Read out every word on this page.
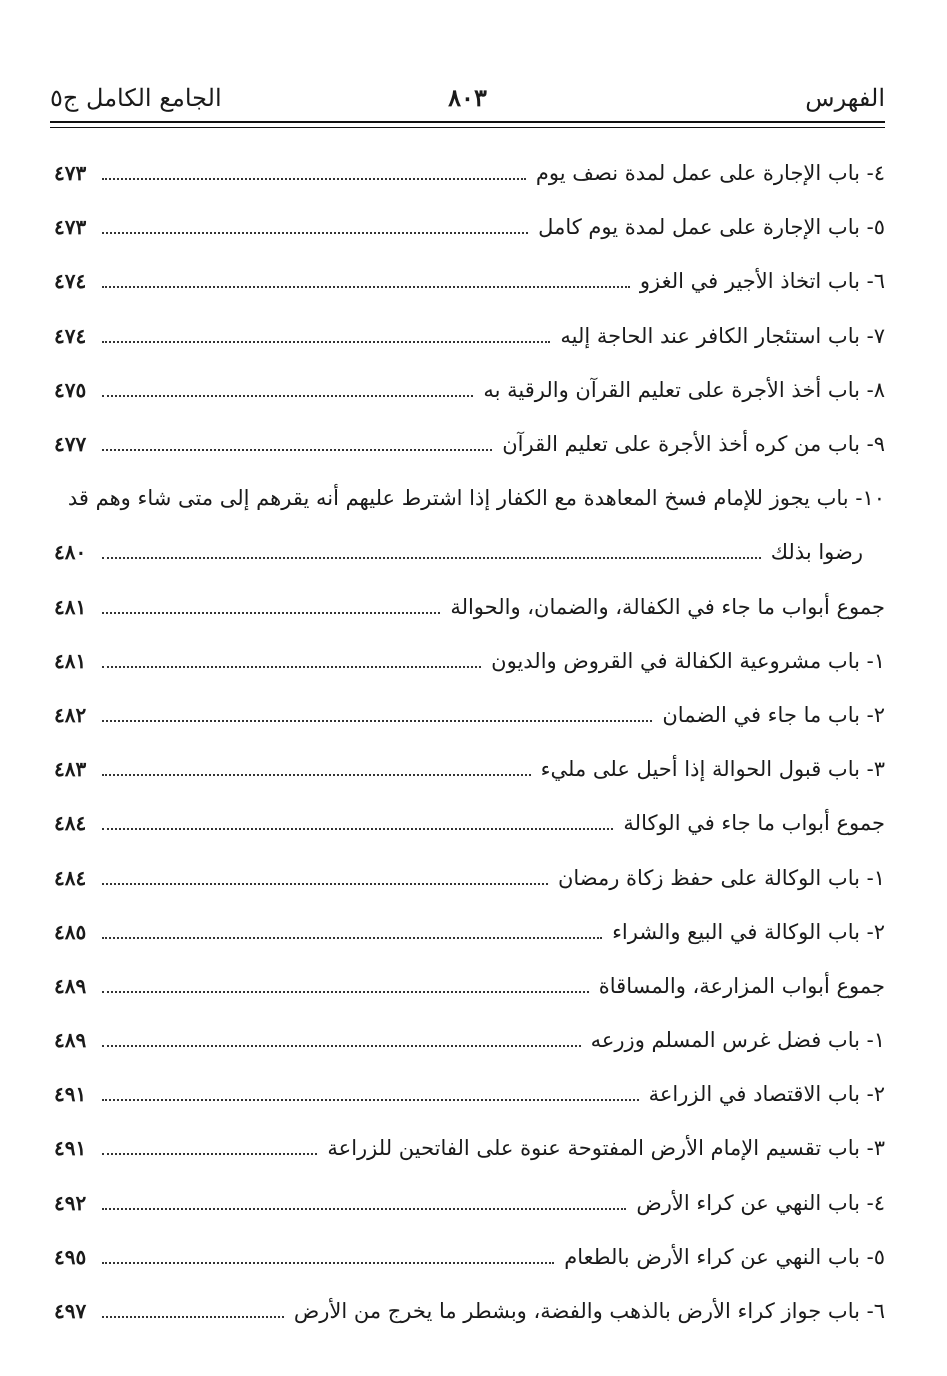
الفهرس
٨٠٣
الجامع الكامل ج٥
٤- باب الإجارة على عمل لمدة نصف يوم
٤٧٣
٥- باب الإجارة على عمل لمدة يوم كامل
٤٧٣
٦- باب اتخاذ الأجير في الغزو
٤٧٤
٧- باب استئجار الكافر عند الحاجة إليه
٤٧٤
٨- باب أخذ الأجرة على تعليم القرآن والرقية به
٤٧٥
٩- باب من كره أخذ الأجرة على تعليم القرآن
٤٧٧
١٠- باب يجوز للإمام فسخ المعاهدة مع الكفار إذا اشترط عليهم أنه يقرهم إلى متى شاء وهم قد
رضوا بذلك
٤٨٠
جموع أبواب ما جاء في الكفالة، والضمان، والحوالة
٤٨١
١- باب مشروعية الكفالة في القروض والديون
٤٨١
٢- باب ما جاء في الضمان
٤٨٢
٣- باب قبول الحوالة إذا أحيل على مليء
٤٨٣
جموع أبواب ما جاء في الوكالة
٤٨٤
١- باب الوكالة على حفظ زكاة رمضان
٤٨٤
٢- باب الوكالة في البيع والشراء
٤٨٥
جموع أبواب المزارعة، والمساقاة
٤٨٩
١- باب فضل غرس المسلم وزرعه
٤٨٩
٢- باب الاقتصاد في الزراعة
٤٩١
٣- باب تقسيم الإمام الأرض المفتوحة عنوة على الفاتحين للزراعة
٤٩١
٤- باب النهي عن كراء الأرض
٤٩٢
٥- باب النهي عن كراء الأرض بالطعام
٤٩٥
٦- باب جواز كراء الأرض بالذهب والفضة، وبشطر ما يخرج من الأرض
٤٩٧
